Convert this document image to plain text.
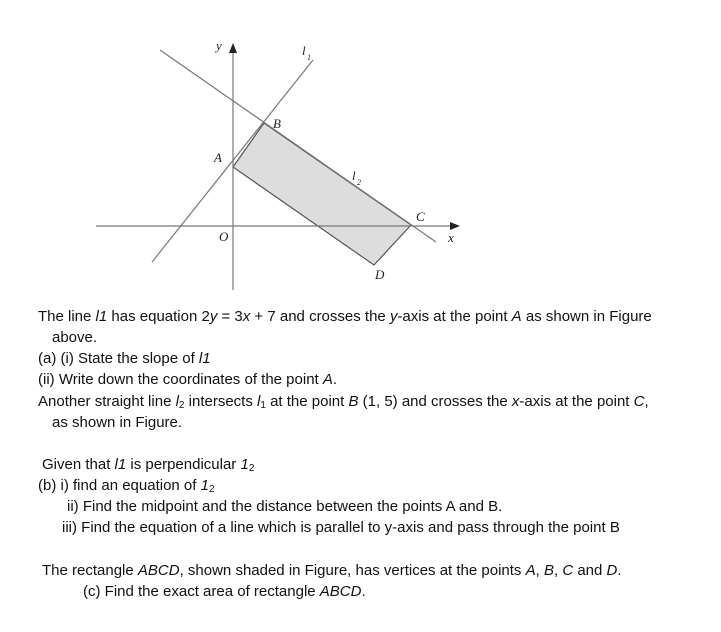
y
x
O
A
B
C
D
l 1
l 2
The line l1 has equation 2y = 3x + 7 and crosses the y-axis at the point A as shown in Figure
above.
(a) (i) State the slope of l1
(ii) Write down the coordinates of the point A.
Another straight line $l_2$ intersects $l_1$ at the point B (1, 5) and crosses the x-axis at the point C,
as shown in Figure.
Given that l1 is perpendicular $1_2$
(b) i) find an equation of $1_2$
ii) Find the midpoint and the distance between the points A and B.
iii) Find the equation of a line which is parallel to y-axis and pass through the point B
The rectangle ABCD, shown shaded in Figure, has vertices at the points A, B, C and D.
(c) Find the exact area of rectangle ABCD.
